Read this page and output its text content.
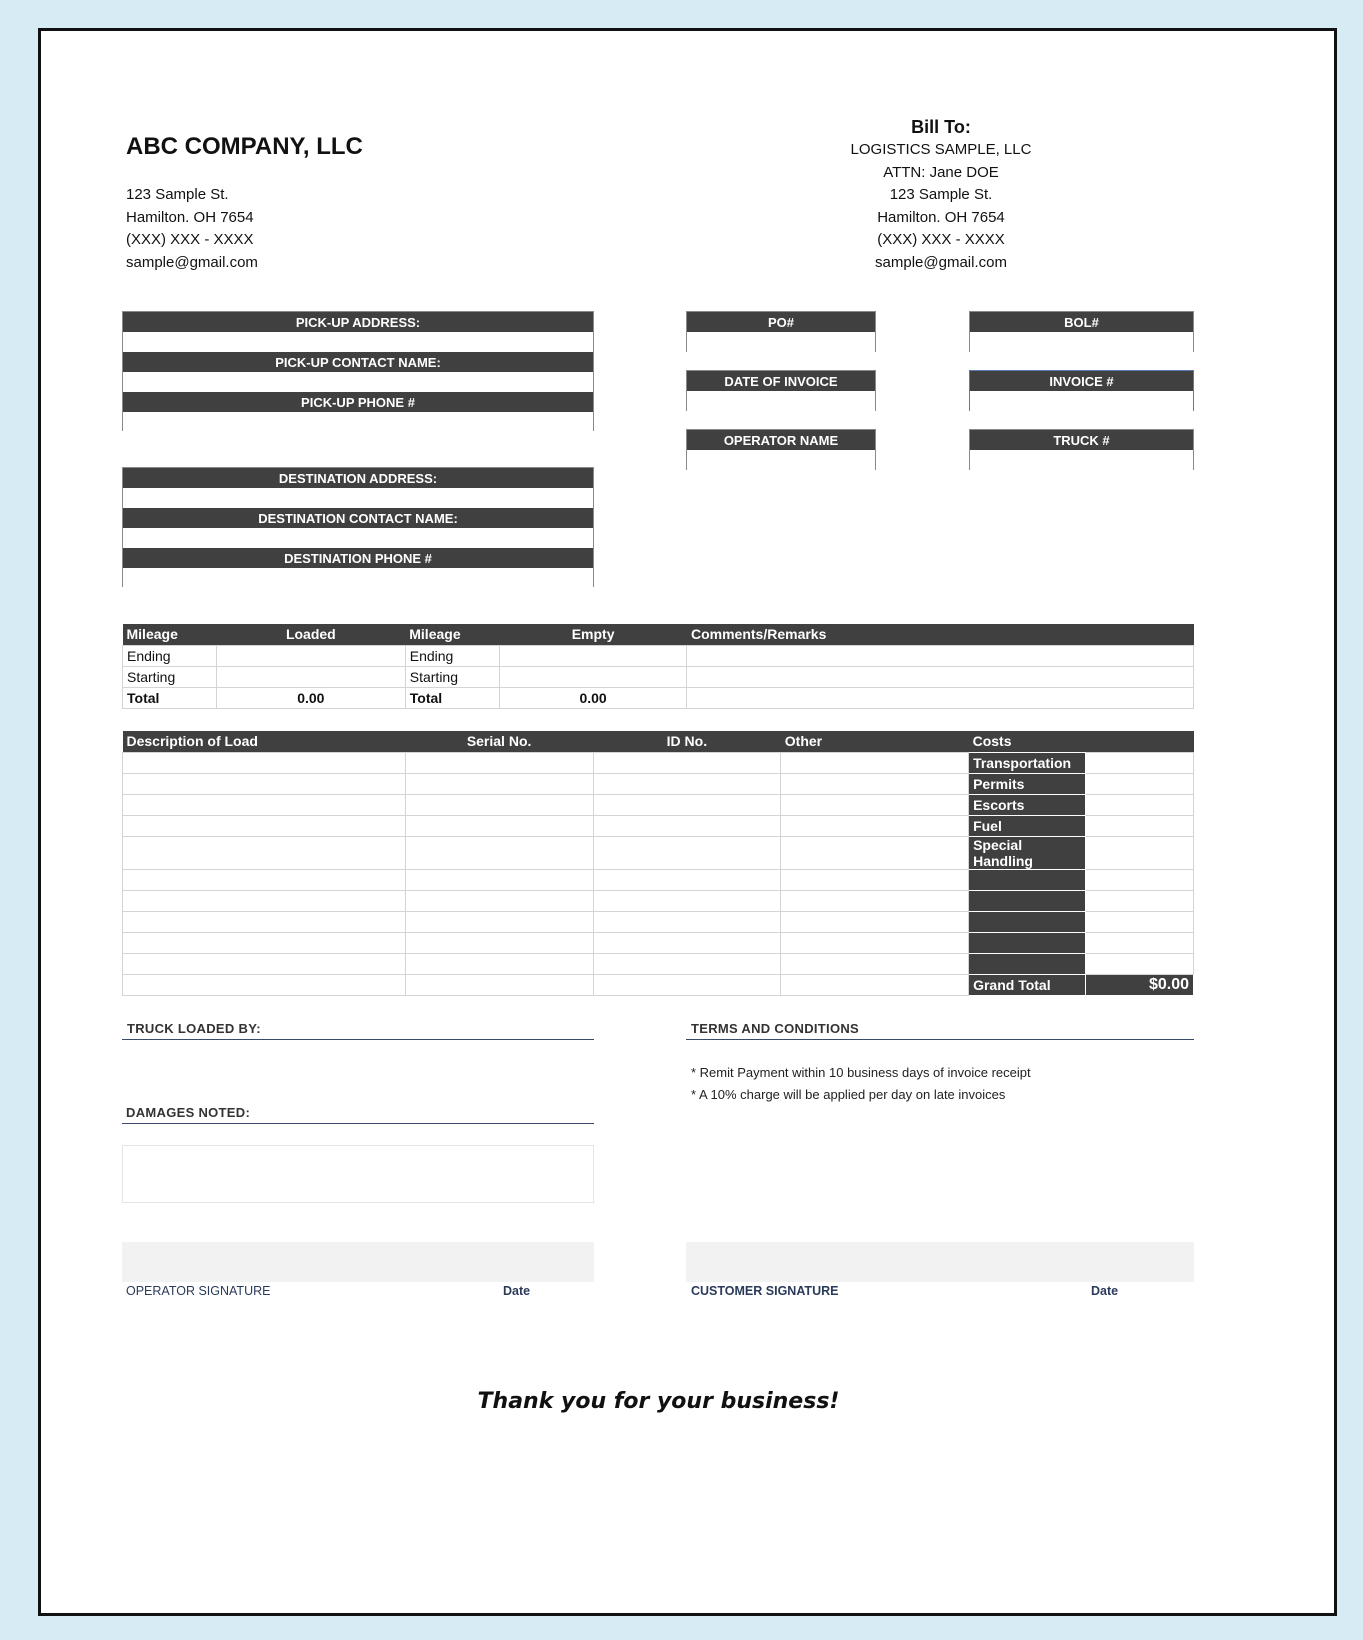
ABC COMPANY, LLC
123 Sample St.
Hamilton. OH 7654
(XXX) XXX - XXXX
sample@gmail.com
Bill To:
LOGISTICS SAMPLE, LLC
ATTN: Jane DOE
123 Sample St.
Hamilton. OH 7654
(XXX) XXX - XXXX
sample@gmail.com
PICK-UP ADDRESS:
PICK-UP CONTACT NAME:
PICK-UP PHONE #
DESTINATION ADDRESS:
DESTINATION CONTACT NAME:
DESTINATION PHONE #
PO#	BOL#
DATE OF INVOICE	INVOICE #
OPERATOR NAME	TRUCK #
Mileage	Loaded	Mileage	Empty	Comments/Remarks
Ending		Ending		
Starting		Starting		
Total	0.00	Total	0.00	
Description of Load	Serial No.	ID No.	Other	Costs	
				Transportation	
				Permits	
				Escorts	
				Fuel	
				Special Handling	

				Grand Total	$0.00
TRUCK LOADED BY:
DAMAGES NOTED:
TERMS AND CONDITIONS
* Remit Payment within 10 business days of invoice receipt
* A 10% charge will be applied per day on late invoices
OPERATOR SIGNATURE	Date	CUSTOMER SIGNATURE	Date
Thank you for your business!
